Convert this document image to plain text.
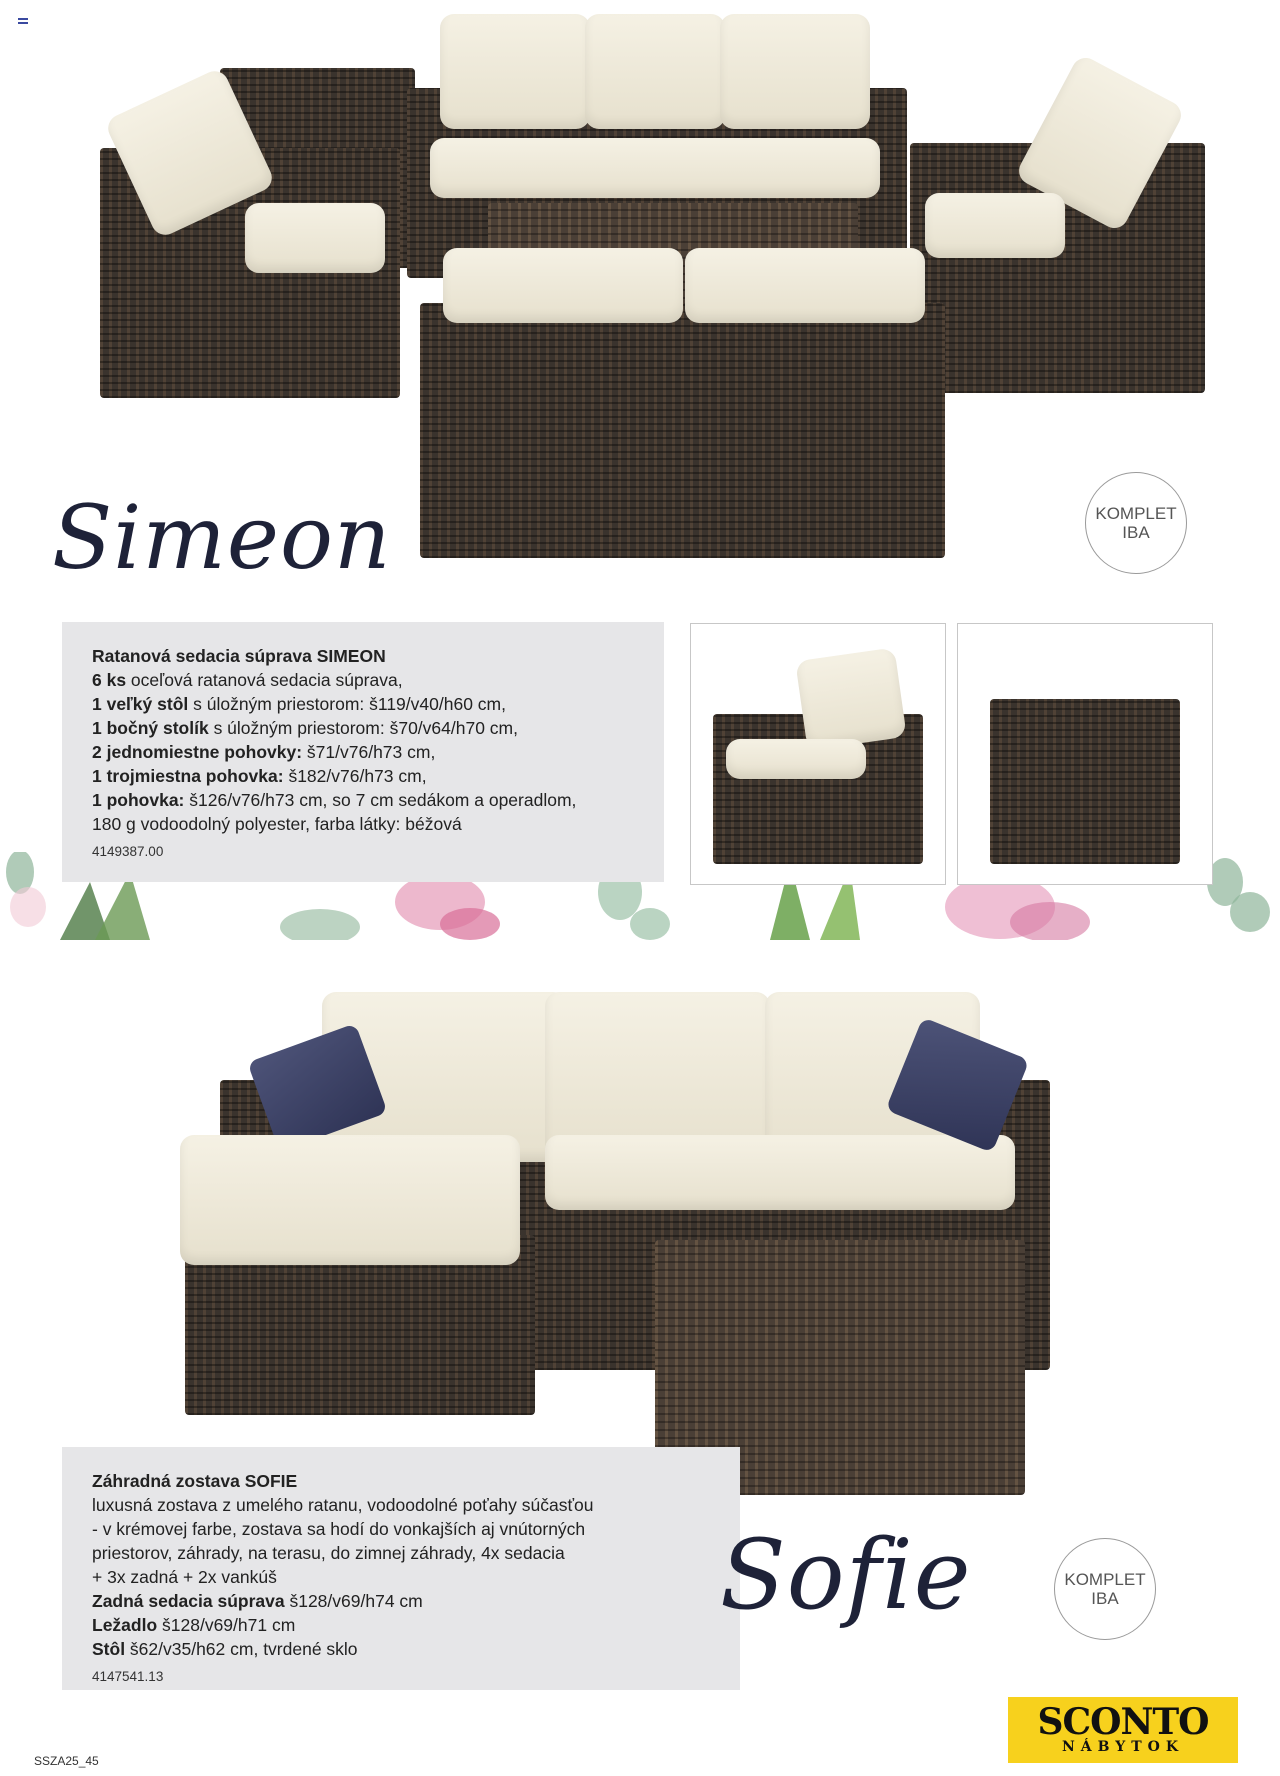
Simeon	KOMPLET
IBA
Ratanová sedacia súprava SIMEON
6 ks oceľová ratanová sedacia súprava,
1 veľký stôl s úložným priestorom: š119/v40/h60 cm,
1 bočný stolík s úložným priestorom: š70/v64/h70 cm,
2 jednomiestne pohovky: š71/v76/h73 cm,
1 trojmiestna pohovka: š182/v76/h73 cm,
1 pohovka: š126/v76/h73 cm, so 7 cm sedákom a operadlom,
180 g vodoodolný polyester, farba látky: béžová
4149387.00
Záhradná zostava SOFIE
luxusná zostava z umelého ratanu, vodoodolné poťahy súčasťou
- v krémovej farbe, zostava sa hodí do vonkajších aj vnútorných
priestorov, záhrady, na terasu, do zimnej záhrady, 4x sedacia
+ 3x zadná + 2x vankúš
Zadná sedacia súprava š128/v69/h74 cm
Ležadlo š128/v69/h71 cm
Stôl š62/v35/h62 cm, tvrdené sklo
4147541.13
Sofie	KOMPLET
IBA
SCONTO
NÁBYTOK
SSZA25_45
